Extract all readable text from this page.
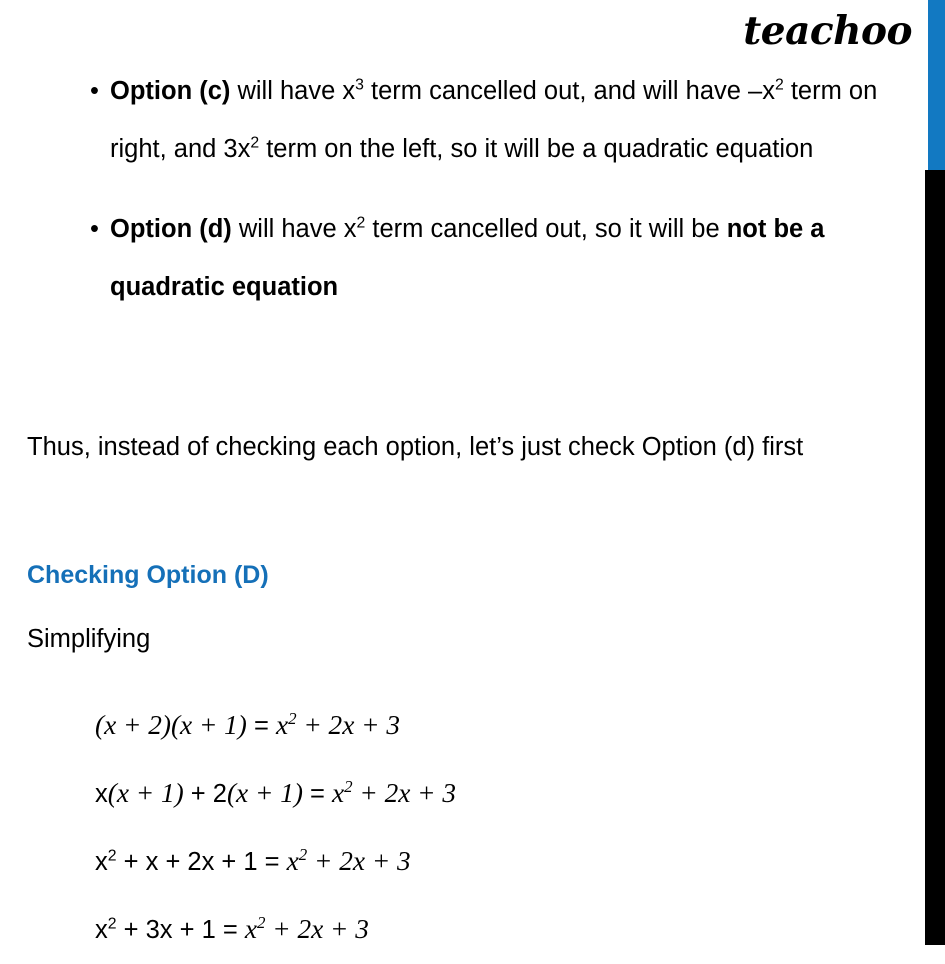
teachoo
• Option (c) will have $x^3$ term cancelled out, and will have $-x^2$ term on right, and $3x^2$ term on the left, so it will be a quadratic equation
• Option (d) will have $x^2$ term cancelled out, so it will be not be a quadratic equation
Thus, instead of checking each option, let’s just check Option (d) first
Checking Option (D)
Simplifying
$(x + 2)(x + 1) = x^2 + 2x + 3$
$x(x + 1) + 2(x + 1) = x^2 + 2x + 3$
$x^2 + x + 2x + 1 = x^2 + 2x + 3$
$x^2 + 3x + 1 = x^2 + 2x + 3$
